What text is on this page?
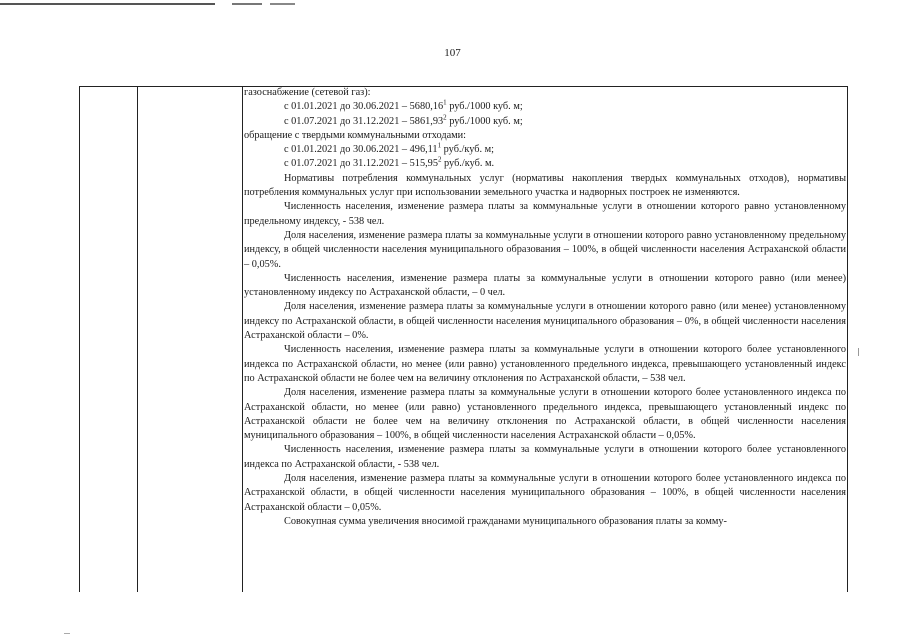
107

газоснабжение (сетевой газ):

с 01.01.2021 до 30.06.2021 – 5680,16$^1$ руб./1000 куб. м;

с 01.07.2021 до 31.12.2021 – 5861,93$^2$ руб./1000 куб. м;

обращение с твердыми коммунальными отходами:

с 01.01.2021 до 30.06.2021 – 496,11$^1$ руб./куб. м;

с 01.07.2021 до 31.12.2021 – 515,95$^2$ руб./куб. м.

Нормативы потребления коммунальных услуг (нормативы накопления твердых коммунальных отходов), нормативы потребления коммунальных услуг при использовании земельного участка и надворных построек не изменяются.

Численность населения, изменение размера платы за коммунальные услуги в отношении которого равно установленному предельному индексу, - 538 чел.

Доля населения, изменение размера платы за коммунальные услуги в отношении которого равно установленному предельному индексу, в общей численности населения муниципального образования – 100%, в общей численности населения Астраханской области – 0,05%.

Численность населения, изменение размера платы за коммунальные услуги в отношении которого равно (или менее) установленному индексу по Астраханской области, – 0 чел.

Доля населения, изменение размера платы за коммунальные услуги в отношении которого равно (или менее) установленному индексу по Астраханской области, в общей численности населения муниципального образования – 0%, в общей численности населения Астраханской области – 0%.

Численность населения, изменение размера платы за коммунальные услуги в отношении которого более установленного индекса по Астраханской области, но менее (или равно) установленного предельного индекса, превышающего установленный индекс по Астраханской области не более чем на величину отклонения по Астраханской области, – 538 чел.

Доля населения, изменение размера платы за коммунальные услуги в отношении которого более установленного индекса по Астраханской области, но менее (или равно) установленного предельного индекса, превышающего установленный индекс по Астраханской области не более чем на величину отклонения по Астраханской области, в общей численности населения муниципального образования – 100%, в общей численности населения Астраханской области – 0,05%.

Численность населения, изменение размера платы за коммунальные услуги в отношении которого более установленного индекса по Астраханской области, - 538 чел.

Доля населения, изменение размера платы за коммунальные услуги в отношении которого более установленного индекса по Астраханской области, в общей численности населения муниципального образования – 100%, в общей численности населения Астраханской области – 0,05%.

Совокупная сумма увеличения вносимой гражданами муниципального образования платы за комму-
